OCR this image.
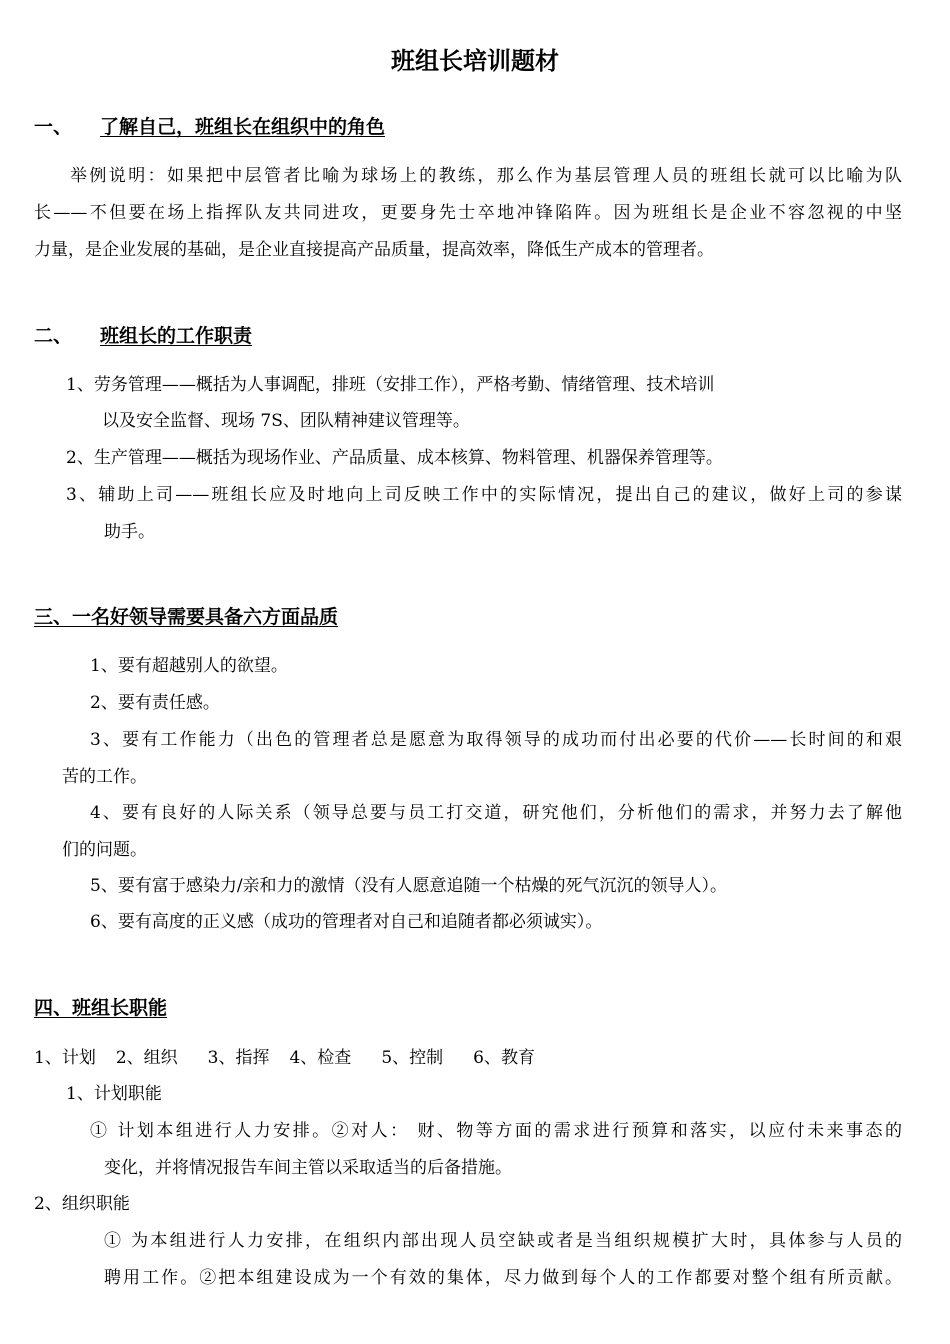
班组长培训题材
一、 了解自己，班组长在组织中的角色
举例说明：如果把中层管者比喻为球场上的教练，那么作为基层管理人员的班组长就可以比喻为队
长——不但要在场上指挥队友共同进攻，更要身先士卒地冲锋陷阵。因为班组长是企业不容忽视的中坚
力量，是企业发展的基础，是企业直接提高产品质量，提高效率，降低生产成本的管理者。
二、 班组长的工作职责
1、劳务管理——概括为人事调配，排班（安排工作），严格考勤、情绪管理、技术培训
以及安全监督、现场 7S、团队精神建议管理等。
2、生产管理——概括为现场作业、产品质量、成本核算、物料管理、机器保养管理等。
3、辅助上司——班组长应及时地向上司反映工作中的实际情况，提出自己的建议，做好上司的参谋
助手。
三、一名好领导需要具备六方面品质
1、要有超越别人的欲望。
2、要有责任感。
3、要有工作能力（出色的管理者总是愿意为取得领导的成功而付出必要的代价——长时间的和艰
苦的工作。
4、要有良好的人际关系（领导总要与员工打交道，研究他们，分析他们的需求，并努力去了解他
们的问题。
5、要有富于感染力/亲和力的激情（没有人愿意追随一个枯燥的死气沉沉的领导人）。
6、要有高度的正义感（成功的管理者对自己和追随者都必须诚实）。
四、班组长职能
1、计划 2、组织 3、指挥 4、检查 5、控制 6、教育
1、计划职能
① 计划本组进行人力安排。②对人： 财、物等方面的需求进行预算和落实，以应付未来事态的
变化，并将情况报告车间主管以采取适当的后备措施。
2、组织职能
① 为本组进行人力安排，在组织内部出现人员空缺或者是当组织规模扩大时，具体参与人员的
聘用工作。②把本组建设成为一个有效的集体，尽力做到每个人的工作都要对整个组有所贡献。
